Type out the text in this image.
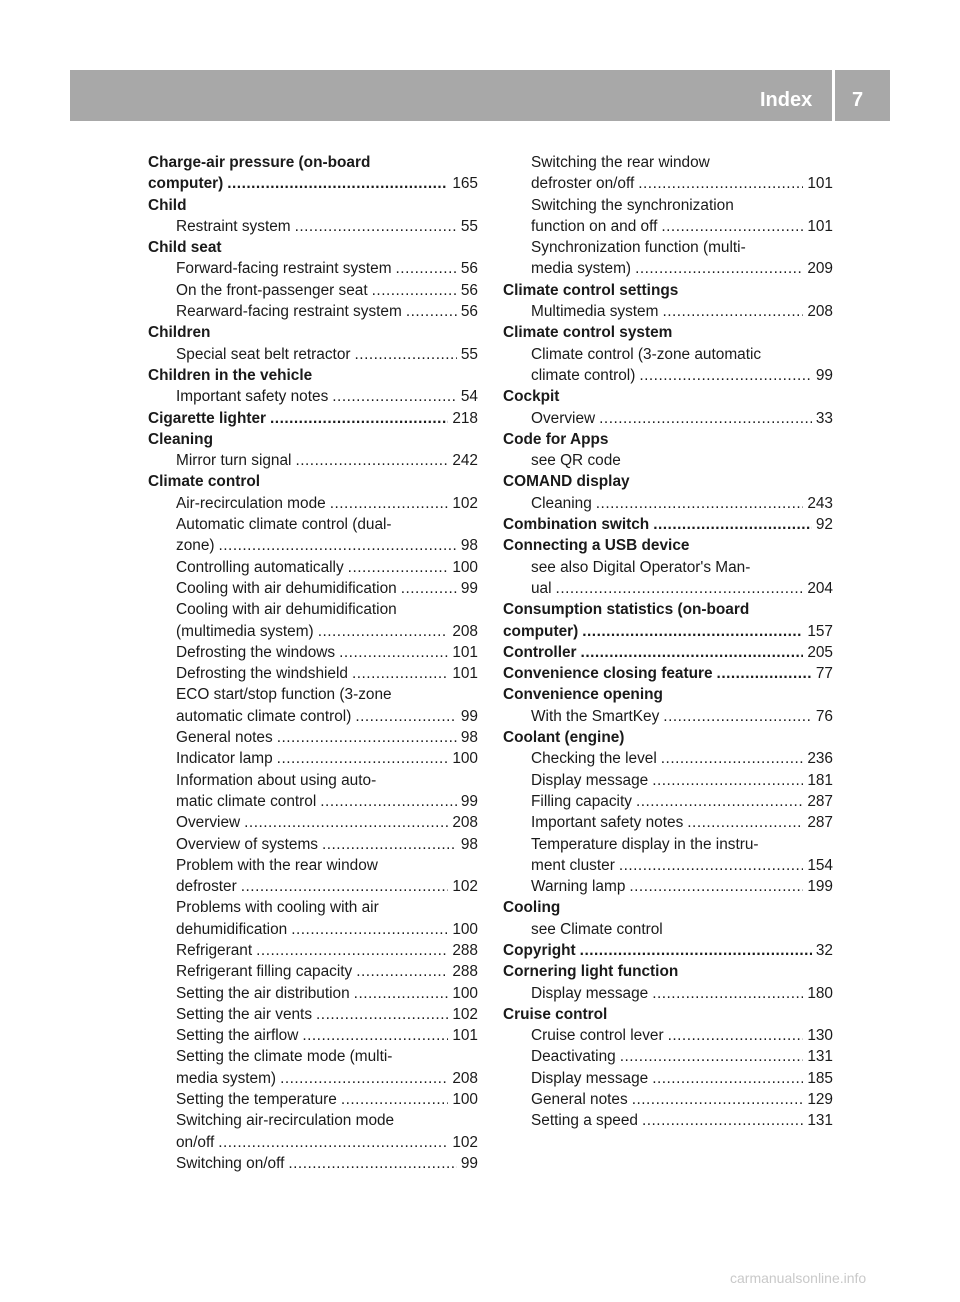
Index 7
Charge-air pressure (on-board
computer) .....	165
Child
Restraint system .....	55
Child seat
Forward-facing restraint system .....	56
On the front-passenger seat .....	56
Rearward-facing restraint system .....	56
Children
Special seat belt retractor .....	55
Children in the vehicle
Important safety notes .....	54
Cigarette lighter .....	218
Cleaning
Mirror turn signal .....	242
Climate control
Air-recirculation mode .....	102
Automatic climate control (dual-
zone) .....	98
Controlling automatically .....	100
Cooling with air dehumidification .....	99
Cooling with air dehumidification
(multimedia system) .....	208
Defrosting the windows .....	101
Defrosting the windshield .....	101
ECO start/stop function (3-zone
automatic climate control) .....	99
General notes .....	98
Indicator lamp .....	100
Information about using auto-
matic climate control .....	99
Overview .....	208
Overview of systems .....	98
Problem with the rear window
defroster .....	102
Problems with cooling with air
dehumidification .....	100
Refrigerant .....	288
Refrigerant filling capacity .....	288
Setting the air distribution .....	100
Setting the air vents .....	102
Setting the airflow .....	101
Setting the climate mode (multi-
media system) .....	208
Setting the temperature .....	100
Switching air-recirculation mode
on/off .....	102
Switching on/off .....	99
Switching the rear window
defroster on/off .....	101
Switching the synchronization
function on and off .....	101
Synchronization function (multi-
media system) .....	209
Climate control settings
Multimedia system .....	208
Climate control system
Climate control (3-zone automatic
climate control) .....	99
Cockpit
Overview .....	33
Code for Apps
see QR code
COMAND display
Cleaning .....	243
Combination switch .....	92
Connecting a USB device
see also Digital Operator's Man-
ual .....	204
Consumption statistics (on-board
computer) .....	157
Controller .....	205
Convenience closing feature .....	77
Convenience opening
With the SmartKey .....	76
Coolant (engine)
Checking the level .....	236
Display message .....	181
Filling capacity .....	287
Important safety notes .....	287
Temperature display in the instru-
ment cluster .....	154
Warning lamp .....	199
Cooling
see Climate control
Copyright .....	32
Cornering light function
Display message .....	180
Cruise control
Cruise control lever .....	130
Deactivating .....	131
Display message .....	185
General notes .....	129
Setting a speed .....	131
carmanualsonline.info
